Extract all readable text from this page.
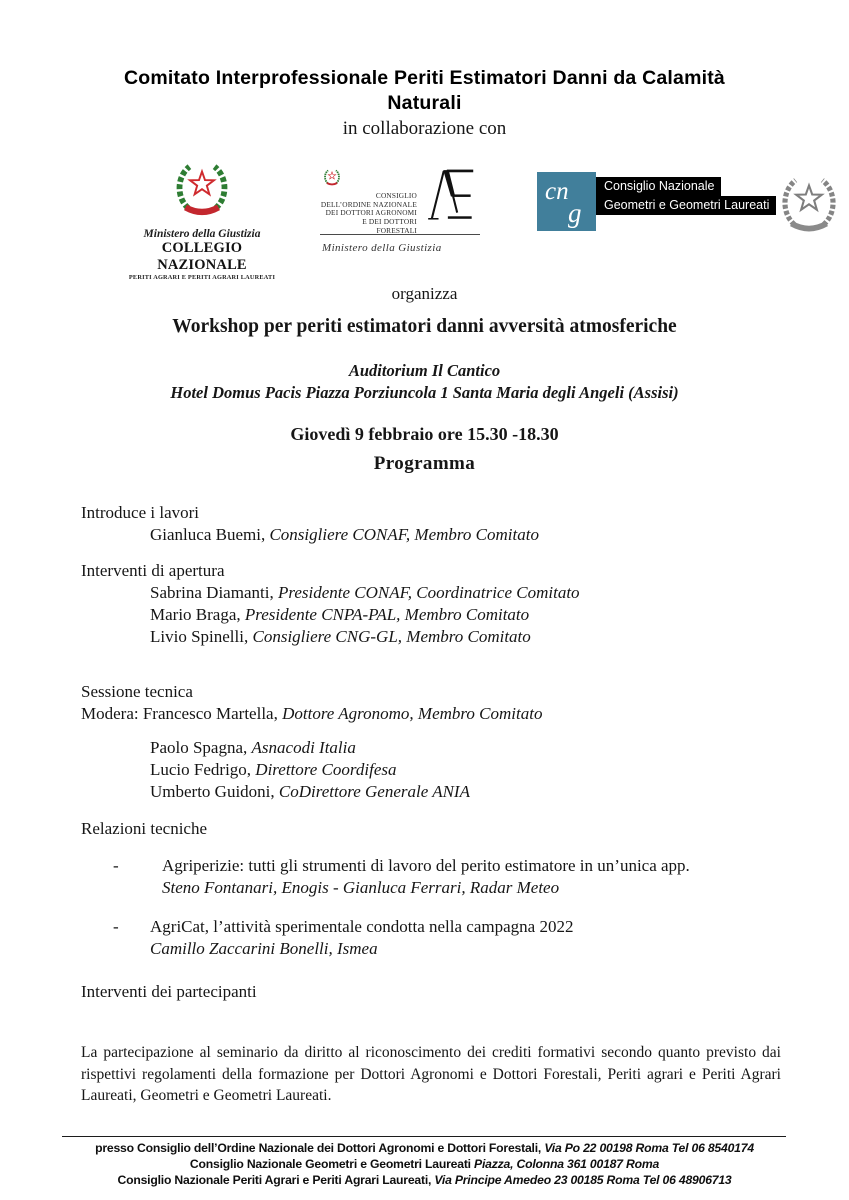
Comitato Interprofessionale Periti Estimatori Danni da Calamità
Naturali
in collaborazione con
Ministero della Giustizia
COLLEGIO NAZIONALE
PERITI AGRARI E PERITI AGRARI LAUREATI
CONSIGLIO
DELL’ORDINE NAZIONALE
DEI DOTTORI AGRONOMI
E DEI DOTTORI FORESTALI
Ministero della Giustizia
cn
g
Consiglio Nazionale
Geometri e Geometri Laureati
organizza
Workshop per periti estimatori danni avversità atmosferiche
Auditorium Il Cantico
Hotel Domus Pacis Piazza Porziuncola 1 Santa Maria degli Angeli (Assisi)
Giovedì 9 febbraio ore 15.30 -18.30
Programma
Introduce i lavori
Gianluca Buemi, Consigliere CONAF, Membro Comitato
Interventi di apertura
Sabrina Diamanti, Presidente CONAF, Coordinatrice Comitato
Mario Braga, Presidente CNPA-PAL, Membro Comitato
Livio Spinelli, Consigliere CNG-GL, Membro Comitato
Sessione tecnica
Modera: Francesco Martella, Dottore Agronomo, Membro Comitato
Paolo Spagna, Asnacodi Italia
Lucio Fedrigo, Direttore Coordifesa
Umberto Guidoni, CoDirettore Generale ANIA
Relazioni tecniche
-	Agriperizie: tutti gli strumenti di lavoro del perito estimatore in un’unica app.
Steno Fontanari, Enogis - Gianluca Ferrari, Radar Meteo
- AgriCat, l’attività sperimentale condotta nella campagna 2022
Camillo Zaccarini Bonelli, Ismea
Interventi dei partecipanti
La partecipazione al seminario da diritto al riconoscimento dei crediti formativi secondo quanto previsto dai rispettivi regolamenti della formazione per Dottori Agronomi e Dottori Forestali, Periti agrari e Periti Agrari Laureati, Geometri e Geometri Laureati.
presso Consiglio dell’Ordine Nazionale dei Dottori Agronomi e Dottori Forestali, Via Po 22 00198 Roma Tel 06 8540174
Consiglio Nazionale Geometri e Geometri Laureati Piazza, Colonna 361 00187 Roma
Consiglio Nazionale Periti Agrari e Periti Agrari Laureati, Via Principe Amedeo 23 00185 Roma Tel 06 48906713
